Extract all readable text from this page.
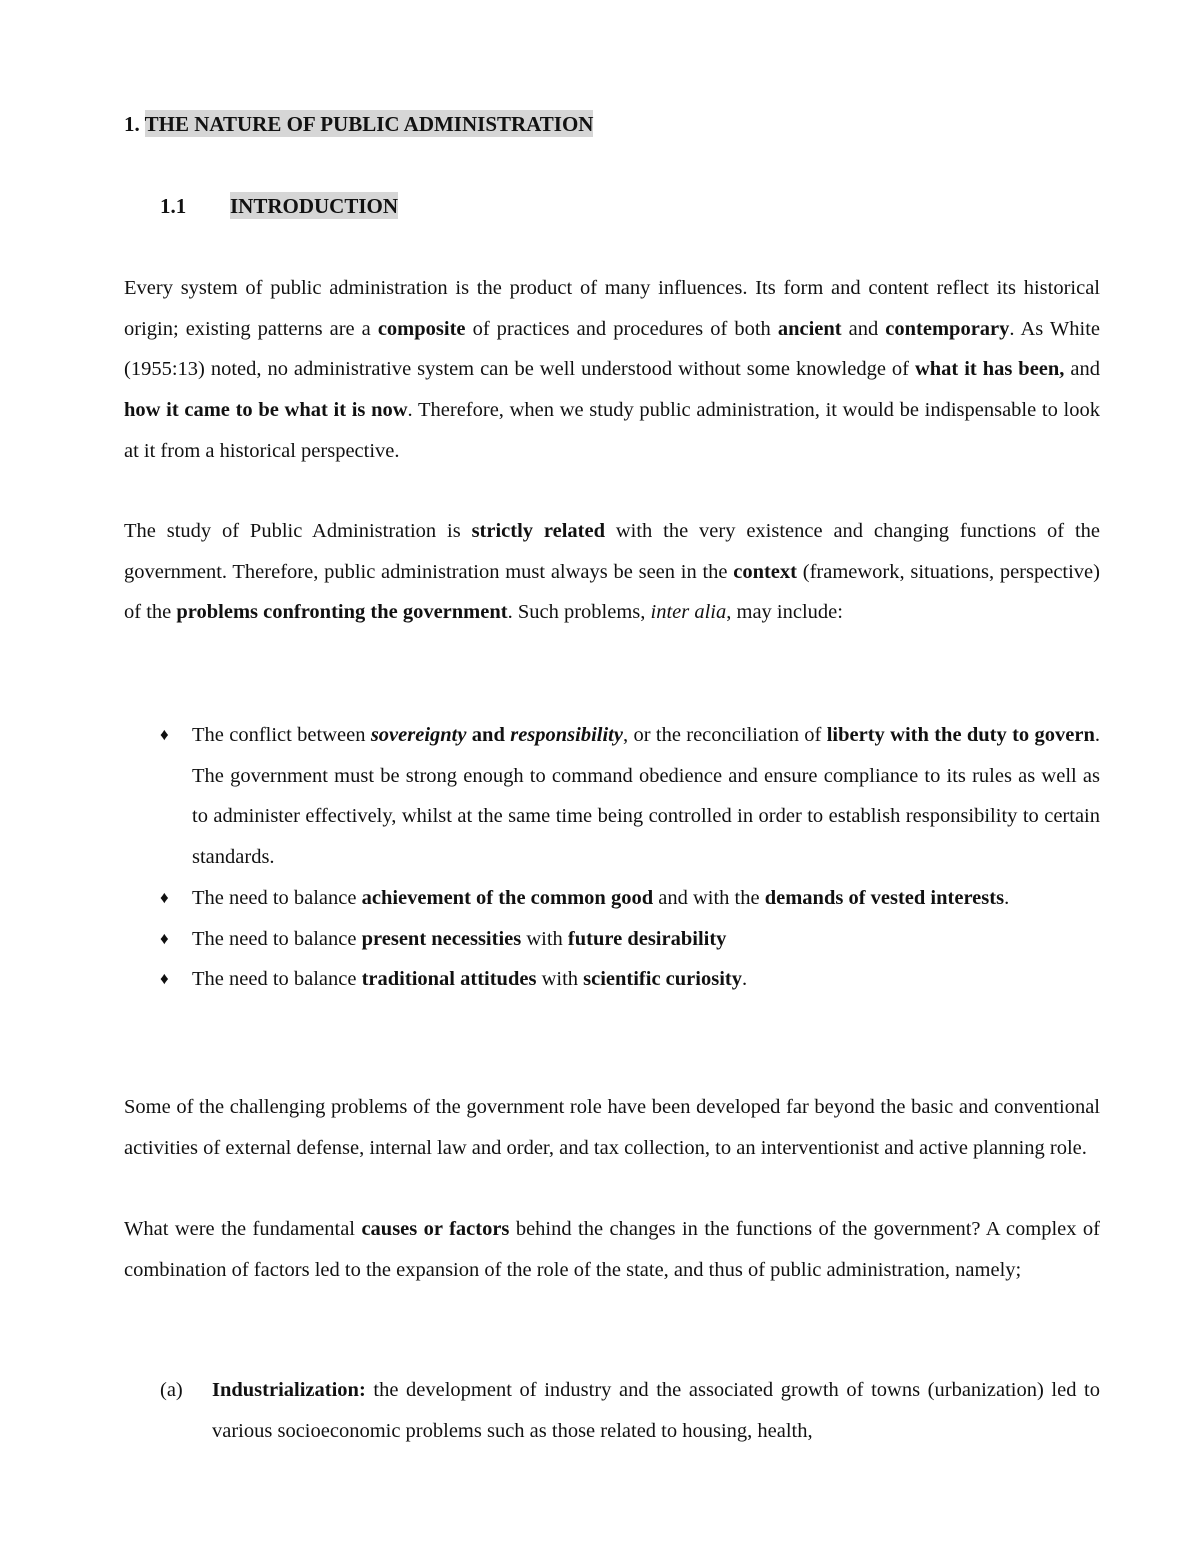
1. THE NATURE OF PUBLIC ADMINISTRATION
1.1 INTRODUCTION

Every system of public administration is the product of many influences. Its form and content reflect its historical origin; existing patterns are a composite of practices and procedures of both ancient and contemporary. As White (1955:13) noted, no administrative system can be well understood without some knowledge of what it has been, and how it came to be what it is now. Therefore, when we study public administration, it would be indispensable to look at it from a historical perspective.

The study of Public Administration is strictly related with the very existence and changing functions of the government. Therefore, public administration must always be seen in the context (framework, situations, perspective) of the problems confronting the government. Such problems, inter alia, may include:

♦ The conflict between sovereignty and responsibility, or the reconciliation of liberty with the duty to govern. The government must be strong enough to command obedience and ensure compliance to its rules as well as to administer effectively, whilst at the same time being controlled in order to establish responsibility to certain standards.
♦ The need to balance achievement of the common good and with the demands of vested interests.
♦ The need to balance present necessities with future desirability
♦ The need to balance traditional attitudes with scientific curiosity.

Some of the challenging problems of the government role have been developed far beyond the basic and conventional activities of external defense, internal law and order, and tax collection, to an interventionist and active planning role.

What were the fundamental causes or factors behind the changes in the functions of the government? A complex of combination of factors led to the expansion of the role of the state, and thus of public administration, namely;

(a) Industrialization: the development of industry and the associated growth of towns (urbanization) led to various socioeconomic problems such as those related to housing, health,
